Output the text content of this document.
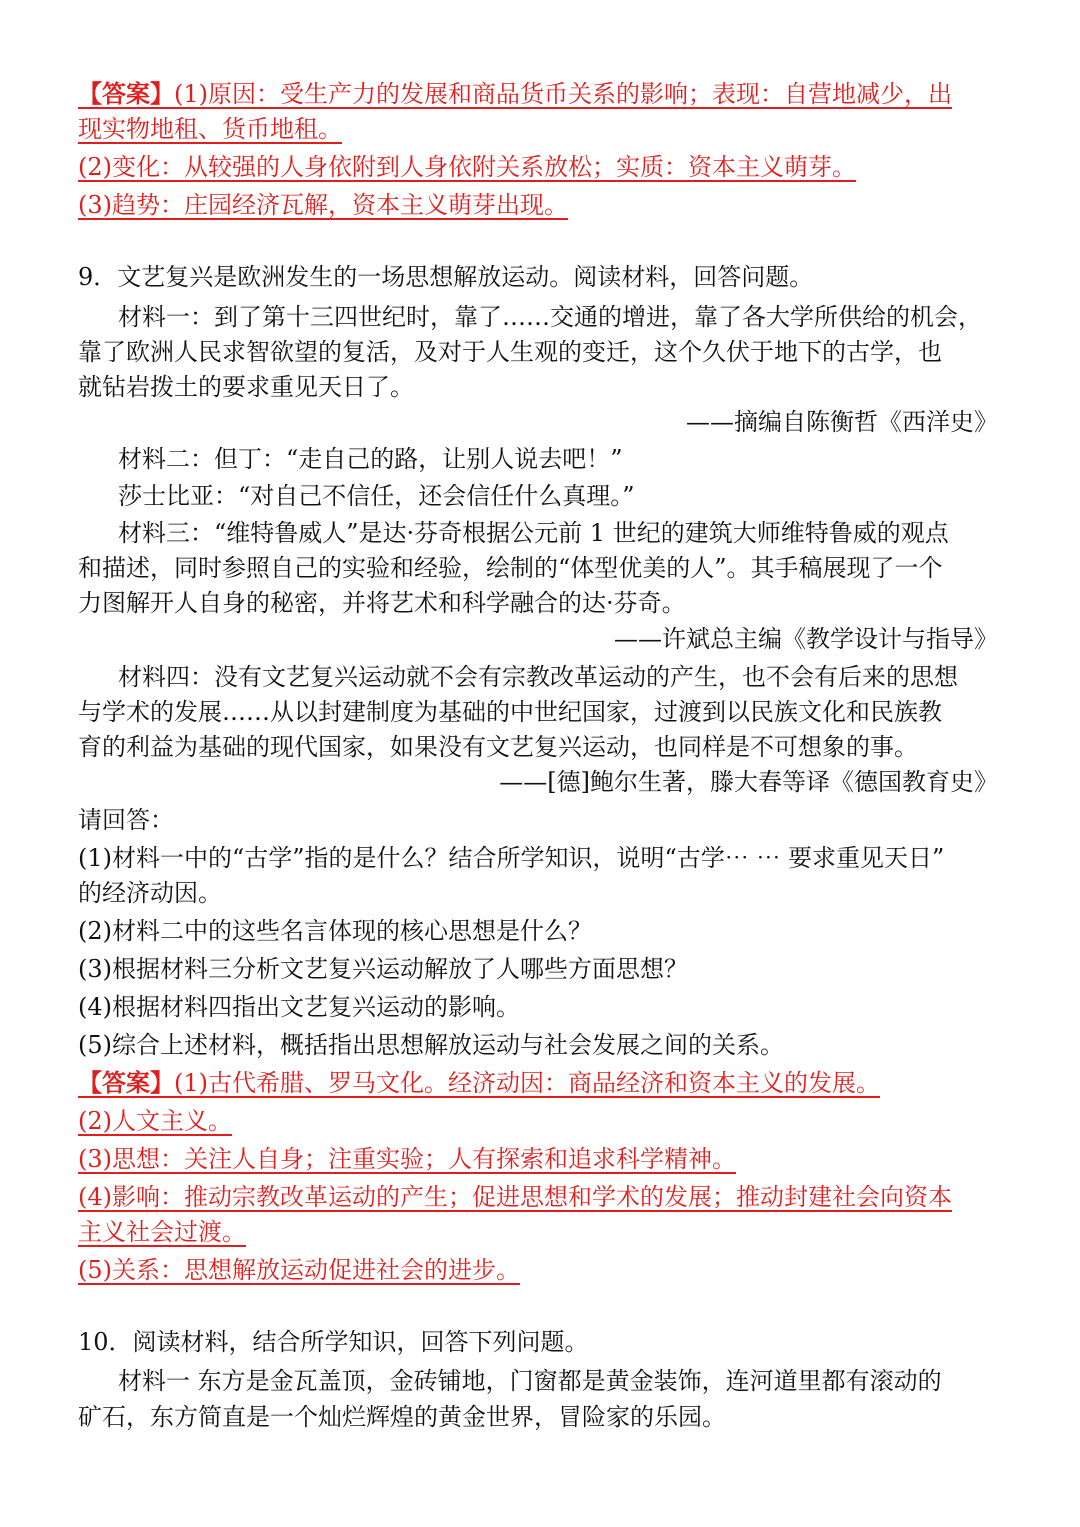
【答案】(1)原因：受生产力的发展和商品货币关系的影响；表现：自营地减少，出
现实物地租、货币地租。
(2)变化：从较强的人身依附到人身依附关系放松；实质：资本主义萌芽。
(3)趋势：庄园经济瓦解，资本主义萌芽出现。
9．文艺复兴是欧洲发生的一场思想解放运动。阅读材料，回答问题。
材料一：到了第十三四世纪时，靠了……交通的增进，靠了各大学所供给的机会，
靠了欧洲人民求智欲望的复活，及对于人生观的变迁，这个久伏于地下的古学，也
就钻岩拨土的要求重见天日了。
——摘编自陈衡哲《西洋史》
材料二：但丁：“走自己的路，让别人说去吧！”
莎士比亚：“对自己不信任，还会信任什么真理。”
材料三：“维特鲁威人”是达·芬奇根据公元前 1 世纪的建筑大师维特鲁威的观点
和描述，同时参照自己的实验和经验，绘制的“体型优美的人”。其手稿展现了一个
力图解开人自身的秘密，并将艺术和科学融合的达·芬奇。
——许斌总主编《教学设计与指导》
材料四：没有文艺复兴运动就不会有宗教改革运动的产生，也不会有后来的思想
与学术的发展……从以封建制度为基础的中世纪国家，过渡到以民族文化和民族教
育的利益为基础的现代国家，如果没有文艺复兴运动，也同样是不可想象的事。
——[德]鲍尔生著，滕大春等译《德国教育史》
请回答：
(1)材料一中的“古学”指的是什么？结合所学知识，说明“古学⋯ ⋯ 要求重见天日”
的经济动因。
(2)材料二中的这些名言体现的核心思想是什么？
(3)根据材料三分析文艺复兴运动解放了人哪些方面思想？
(4)根据材料四指出文艺复兴运动的影响。
(5)综合上述材料，概括指出思想解放运动与社会发展之间的关系。
【答案】(1)古代希腊、罗马文化。经济动因：商品经济和资本主义的发展。
(2)人文主义。
(3)思想：关注人自身；注重实验；人有探索和追求科学精神。
(4)影响：推动宗教改革运动的产生；促进思想和学术的发展；推动封建社会向资本
主义社会过渡。
(5)关系：思想解放运动促进社会的进步。
10．阅读材料，结合所学知识，回答下列问题。
材料一 东方是金瓦盖顶，金砖铺地，门窗都是黄金装饰，连河道里都有滚动的
矿石，东方简直是一个灿烂辉煌的黄金世界，冒险家的乐园。
